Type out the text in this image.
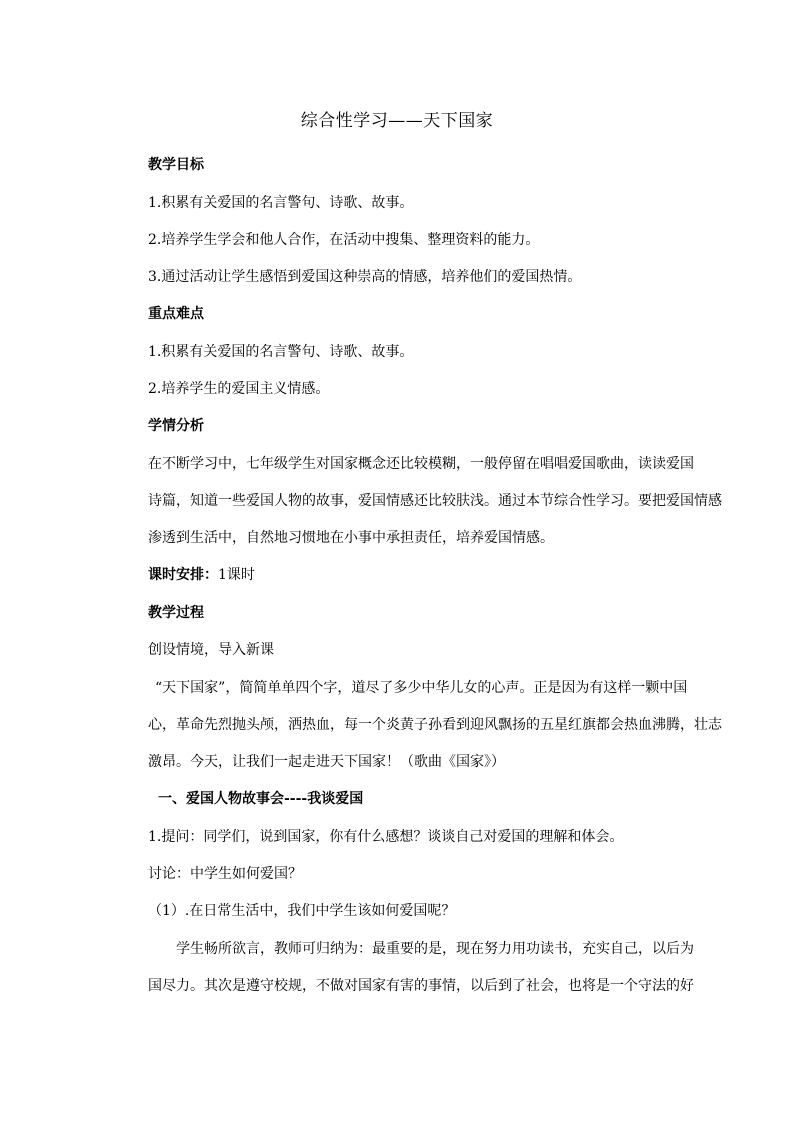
综合性学习——天下国家
教学目标
1.积累有关爱国的名言警句、诗歌、故事。
2.培养学生学会和他人合作，在活动中搜集、整理资料的能力。
3.通过活动让学生感悟到爱国这种崇高的情感，培养他们的爱国热情。
重点难点
1.积累有关爱国的名言警句、诗歌、故事。
2.培养学生的爱国主义情感。
学情分析
在不断学习中，七年级学生对国家概念还比较模糊，一般停留在唱唱爱国歌曲，读读爱国
诗篇，知道一些爱国人物的故事，爱国情感还比较肤浅。通过本节综合性学习。要把爱国情感
渗透到生活中，自然地习惯地在小事中承担责任，培养爱国情感。
课时安排：1课时
教学过程
创设情境，导入新课
“天下国家”，简简单单四个字，道尽了多少中华儿女的心声。正是因为有这样一颗中国
心，革命先烈抛头颅，洒热血，每一个炎黄子孙看到迎风飘扬的五星红旗都会热血沸腾，壮志
激昂。今天，让我们一起走进天下国家！（歌曲《国家》）
一、爱国人物故事会----我谈爱国
1.提问：同学们，说到国家，你有什么感想？谈谈自己对爱国的理解和体会。
讨论：中学生如何爱国？
（1）.在日常生活中，我们中学生该如何爱国呢？
学生畅所欲言，教师可归纳为：最重要的是，现在努力用功读书，充实自己，以后为
国尽力。其次是遵守校规，不做对国家有害的事情，以后到了社会，也将是一个守法的好
